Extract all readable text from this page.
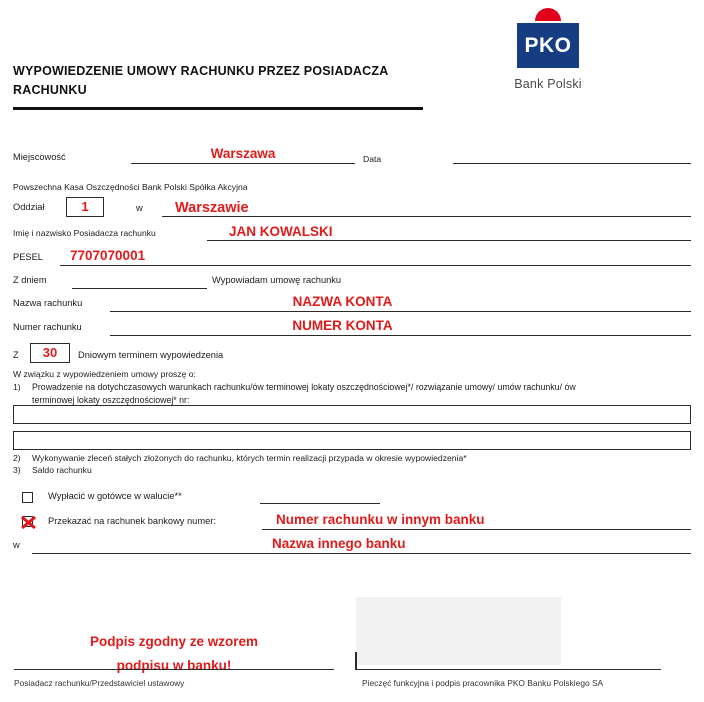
PKO
Bank Polski
WYPOWIEDZENIE UMOWY RACHUNKU PRZEZ POSIADACZA RACHUNKU
Miejscowość	Warszawa	Data
Powszechna Kasa Oszczędności Bank Polski Spółka Akcyjna
Oddział	1	w Warszawie
Imię i nazwisko Posiadacza rachunku	JAN KOWALSKI
PESEL 7707070001
Z dniem	Wypowiadam umowę rachunku
Nazwa rachunku	NAZWA KONTA
Numer rachunku	NUMER KONTA
Z	30	Dniowym terminem wypowiedzenia
W związku z wypowiedzeniem umowy proszę o:
1) Prowadzenie na dotychczasowych warunkach rachunku/ów terminowej lokaty oszczędnościowej*/ rozwiązanie umowy/ umów rachunku/ ów
terminowej lokaty oszczędnościowej* nr:
2) Wykonywanie zleceń stałych złożonych do rachunku, których termin realizacji przypada w okresie wypowiedzenia*
3) Saldo rachunku
Wypłacić w gotówce w walucie**
Przekazać na rachunek bankowy numer:	Numer rachunku w innym banku
w	Nazwa innego banku
Podpis zgodny ze wzorem
podpisu w banku!
Posiadacz rachunku/Przedstawiciel ustawowy	Pieczęć funkcyjna i podpis pracownika PKO Banku Polskiego SA
